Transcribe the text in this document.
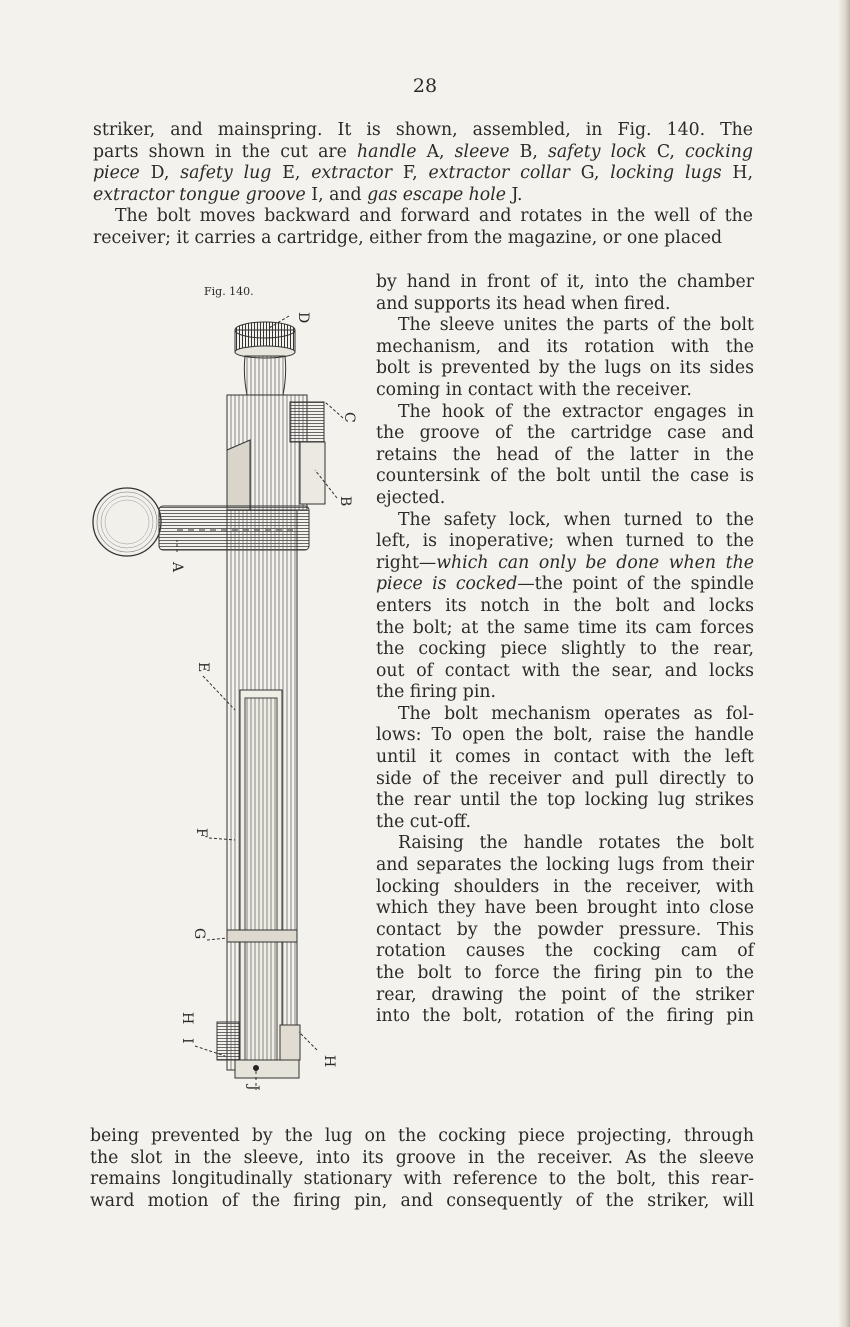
28
striker, and mainspring. It is shown, assembled, in Fig. 140. The
parts shown in the cut are handle A, sleeve B, safety lock C, cocking
piece D, safety lug E, extractor F, extractor collar G, locking lugs H,
extractor tongue groove I, and gas escape hole J.
The bolt moves backward and forward and rotates in the well of the
receiver; it carries a cartridge, either from the magazine, or one placed
Fig. 140.
D
C
B
A
E
F
G
H
I
H
J
by hand in front of it, into the chamber
and supports its head when fired.
The sleeve unites the parts of the bolt
mechanism, and its rotation with the
bolt is prevented by the lugs on its sides
coming in contact with the receiver.
The hook of the extractor engages in
the groove of the cartridge case and
retains the head of the latter in the
countersink of the bolt until the case is
ejected.
The safety lock, when turned to the
left, is inoperative; when turned to the
right—which can only be done when the
piece is cocked—the point of the spindle
enters its notch in the bolt and locks
the bolt; at the same time its cam forces
the cocking piece slightly to the rear,
out of contact with the sear, and locks
the firing pin.
The bolt mechanism operates as fol-
lows: To open the bolt, raise the handle
until it comes in contact with the left
side of the receiver and pull directly to
the rear until the top locking lug strikes
the cut-off.
Raising the handle rotates the bolt
and separates the locking lugs from their
locking shoulders in the receiver, with
which they have been brought into close
contact by the powder pressure. This
rotation causes the cocking cam of
the bolt to force the firing pin to the
rear, drawing the point of the striker
into the bolt, rotation of the firing pin
being prevented by the lug on the cocking piece projecting, through
the slot in the sleeve, into its groove in the receiver. As the sleeve
remains longitudinally stationary with reference to the bolt, this rear-
ward motion of the firing pin, and consequently of the striker, will
